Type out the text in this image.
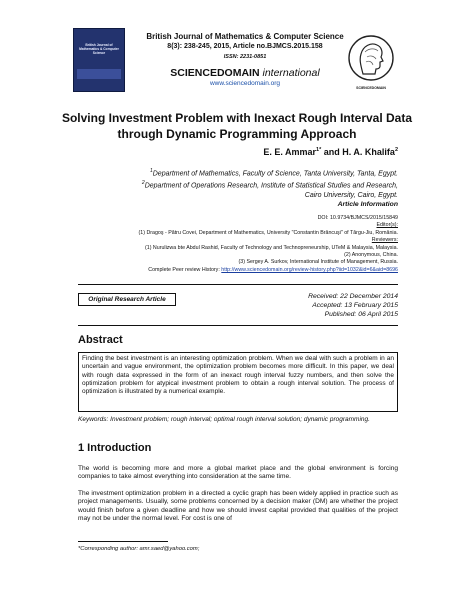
British Journal of Mathematics & Computer Science
British Journal of Mathematics & Computer Science
8(3): 238-245, 2015, Article no.BJMCS.2015.158
ISSN: 2231-0851
SCIENCEDOMAIN international
www.sciencedomain.org
SCIENCEDOMAIN
Solving Investment Problem with Inexact Rough Interval Data through Dynamic Programming Approach
E. E. Ammar$^{1*}$ and H. A. Khalifa$^2$
$^1$Department of Mathematics, Faculty of Science, Tanta University, Tanta, Egypt.
$^2$Department of Operations Research, Institute of Statistical Studies and Research,
Cairo University, Cairo, Egypt.
Article Information
DOI: 10.9734/BJMCS/2015/15849
Editor(s):
(1) Dragoş - Pătru Covei, Department of Mathematics, University "Constantin Brâncuşi" of Târgu-Jiu, România.
Reviewers:
(1) Nurulizwa bte Abdul Rashid, Faculty of Technology and Technopreneurship, UTeM & Malaysia, Malaysia.
(2) Anonymous, China.
(3) Sergey A. Surkov, International Institute of Management, Russia.
Complete Peer review History: http://www.sciencedomain.org/review-history.php?iid=1032&id=6&aid=8696
Original Research Article	Received: 22 December 2014
Accepted: 13 February 2015
Published: 06 April 2015
Abstract
Finding the best investment is an interesting optimization problem. When we deal with such a problem in an uncertain and vague environment, the optimization problem becomes more difficult. In this paper, we deal with rough data expressed in the form of an inexact rough interval fuzzy numbers, and then solve the optimization problem for atypical investment problem to obtain a rough interval solution. The process of optimization is illustrated by a numerical example.
Keywords: Investment problem; rough interval; optimal rough interval solution; dynamic programming.
1 Introduction
The world is becoming more and more a global market place and the global environment is forcing companies to take almost everything into consideration at the same time.
The investment optimization problem in a directed a cyclic graph has been widely applied in practice such as project managements. Usually, some problems concerned by a decision maker (DM) are whether the project would finish before a given deadline and how we should invest capital provided that qualities of the project may not be under the normal level. For cost is one of
*Corresponding author: amr.saed@yahoo.com;
